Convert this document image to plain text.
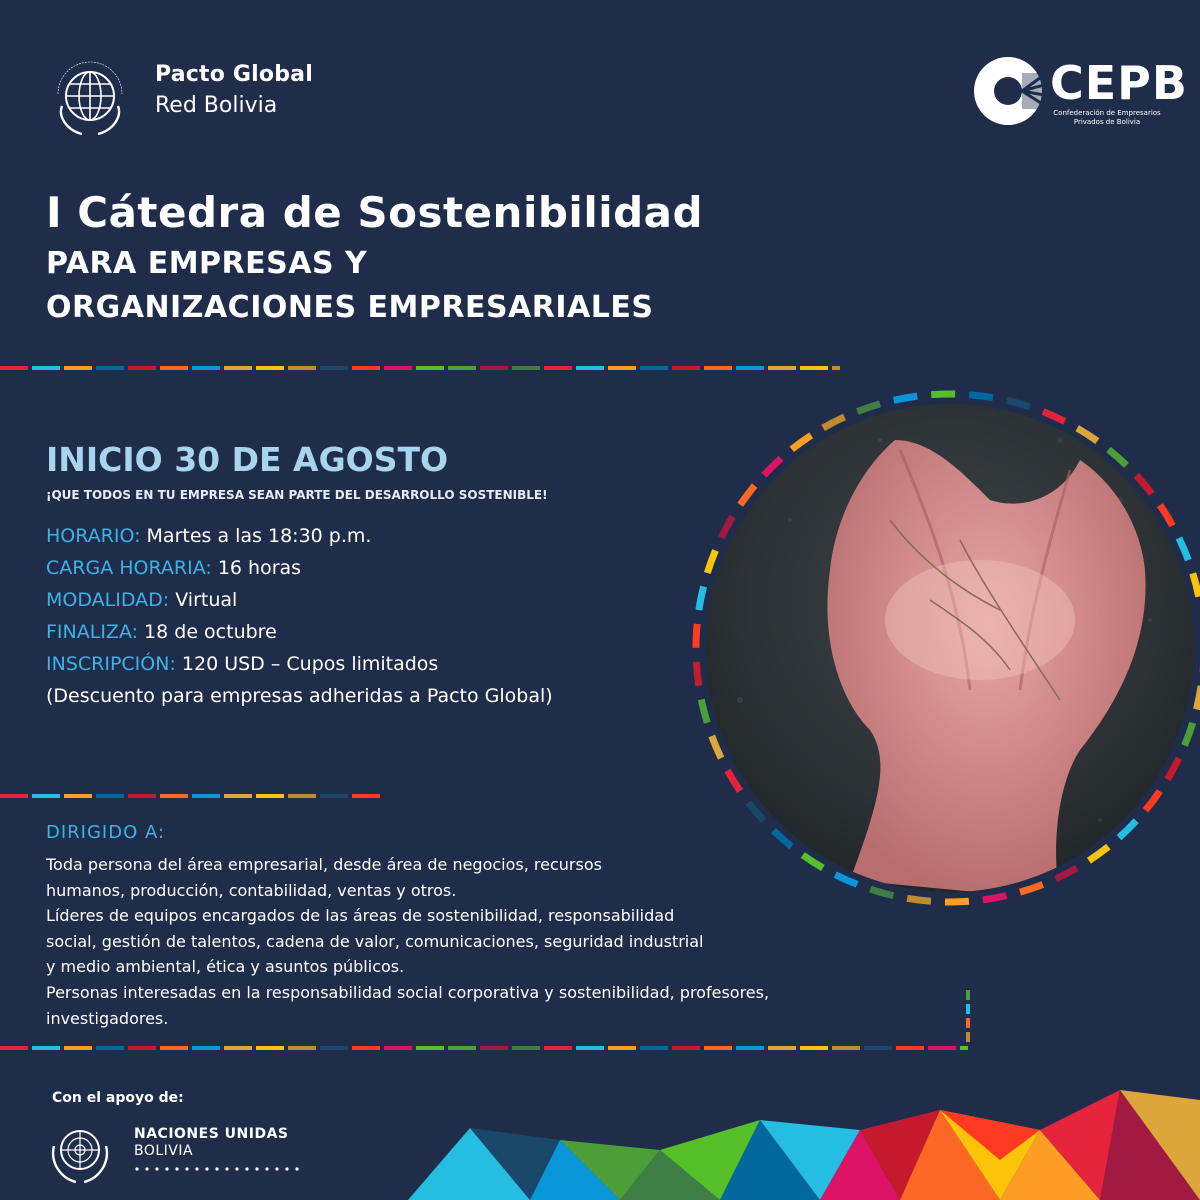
Pacto Global
Red Bolivia	CEPB
Confederación de Empresarios
Privados de Bolivia
I Cátedra de Sostenibilidad
PARA EMPRESAS Y
ORGANIZACIONES EMPRESARIALES
INICIO 30 DE AGOSTO
¡QUE TODOS EN TU EMPRESA SEAN PARTE DEL DESARROLLO SOSTENIBLE!
HORARIO: Martes a las 18:30 p.m.
CARGA HORARIA: 16 horas
MODALIDAD: Virtual
FINALIZA: 18 de octubre
INSCRIPCIÓN: 120 USD – Cupos limitados
(Descuento para empresas adheridas a Pacto Global)
DIRIGIDO A:
Toda persona del área empresarial, desde área de negocios, recursos
humanos, producción, contabilidad, ventas y otros.
Líderes de equipos encargados de las áreas de sostenibilidad, responsabilidad
social, gestión de talentos, cadena de valor, comunicaciones, seguridad industrial
y medio ambiental, ética y asuntos públicos.
Personas interesadas en la responsabilidad social corporativa y sostenibilidad, profesores,
investigadores.
Con el apoyo de:
NACIONES UNIDAS
BOLIVIA
